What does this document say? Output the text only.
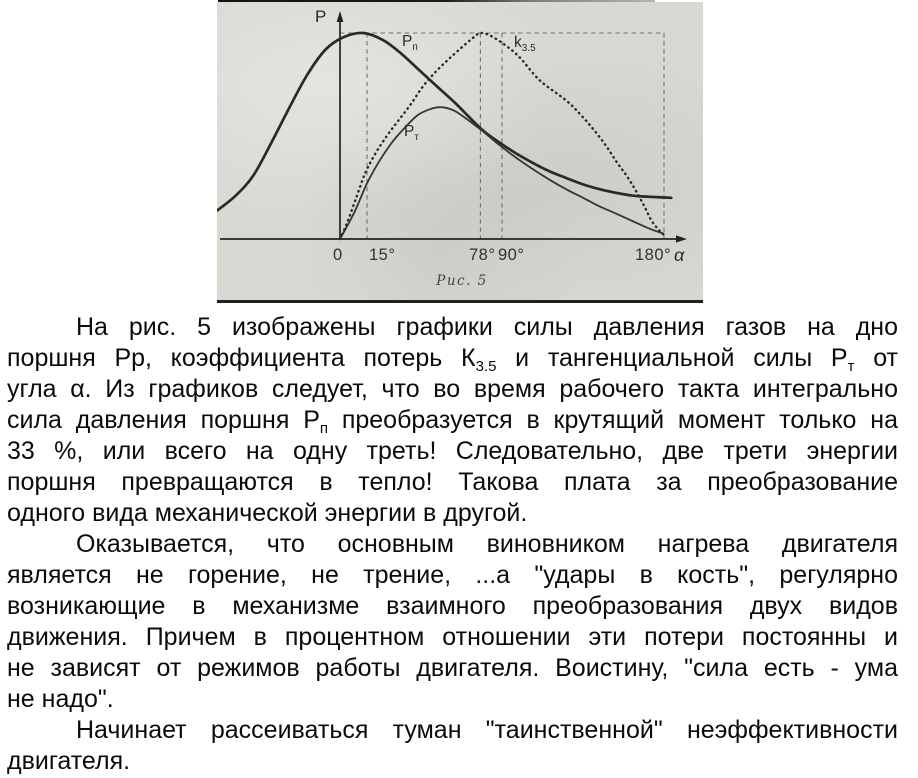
P
α
0 15°	78° 90°	180°
$P_п$
$P_т$
$k_{3.5}$
Рис. 5
На рис. 5 изображены графики силы давления газов на дно
поршня Рр, коэффициента потерь $К_{3.5}$ и тангенциальной силы $Р_т$ от
угла α. Из графиков следует, что во время рабочего такта интегрально
сила давления поршня $Р_п$ преобразуется в крутящий момент только на
33 %, или всего на одну треть! Следовательно, две трети энергии
поршня превращаются в тепло! Такова плата за преобразование
одного вида механической энергии в другой.
Оказывается, что основным виновником нагрева двигателя
является не горение, не трение, ...а "удары в кость", регулярно
возникающие в механизме взаимного преобразования двух видов
движения. Причем в процентном отношении эти потери постоянны и
не зависят от режимов работы двигателя. Воистину, "сила есть - ума
не надо".
Начинает рассеиваться туман "таинственной" неэффективности
двигателя.
